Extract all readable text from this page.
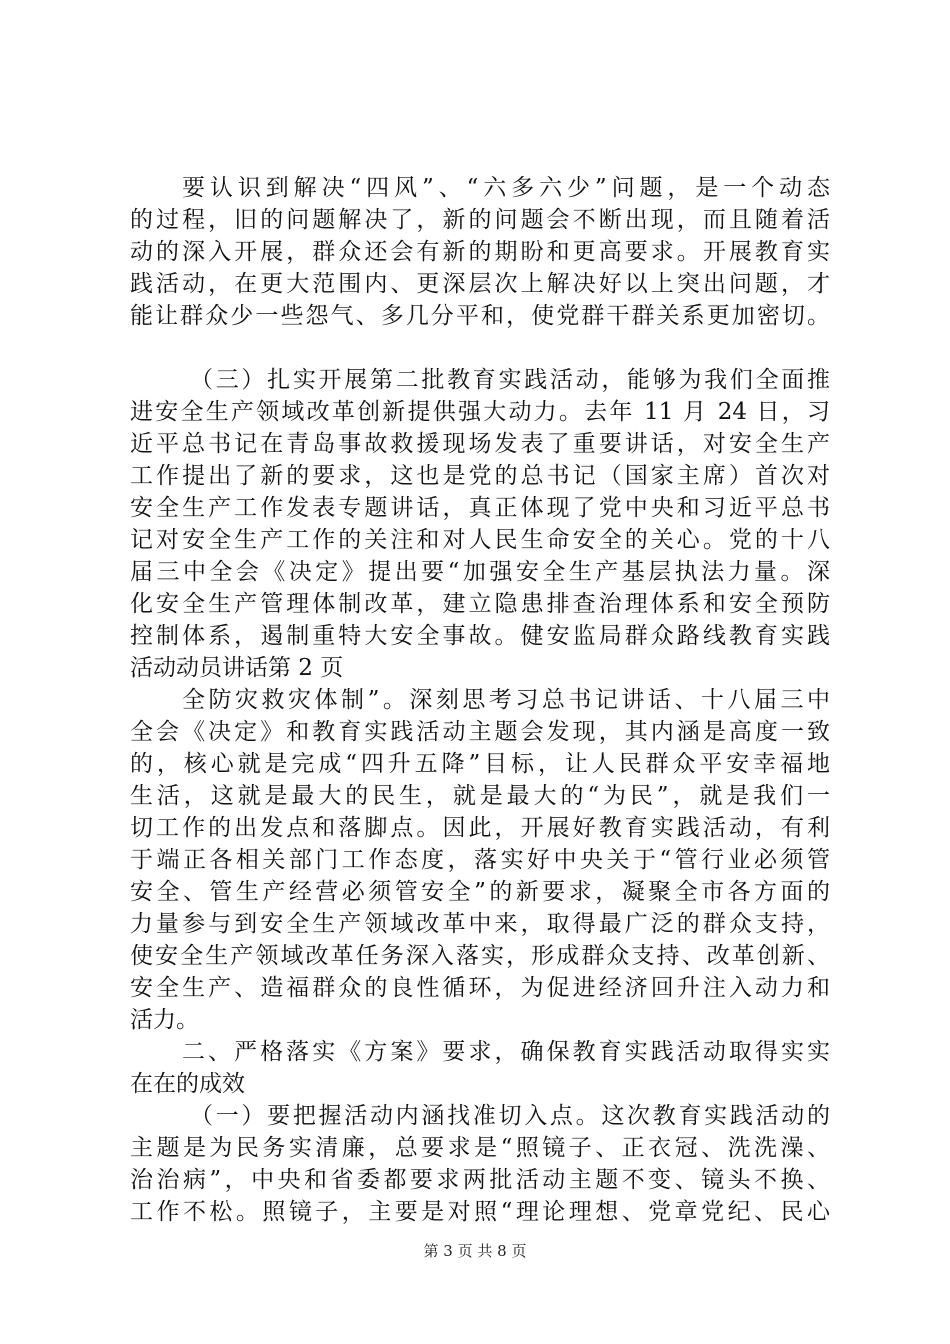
要认识到解决“四风”、“六多六少”问题，是一个动态
的过程，旧的问题解决了，新的问题会不断出现，而且随着活
动的深入开展，群众还会有新的期盼和更高要求。开展教育实
践活动，在更大范围内、更深层次上解决好以上突出问题，才
能让群众少一些怨气、多几分平和，使党群干群关系更加密切。
（三）扎实开展第二批教育实践活动，能够为我们全面推
进安全生产领域改革创新提供强大动力。去年 11 月 24 日，习
近平总书记在青岛事故救援现场发表了重要讲话，对安全生产
工作提出了新的要求，这也是党的总书记（国家主席）首次对
安全生产工作发表专题讲话，真正体现了党中央和习近平总书
记对安全生产工作的关注和对人民生命安全的关心。党的十八
届三中全会《决定》提出要“加强安全生产基层执法力量。深
化安全生产管理体制改革，建立隐患排查治理体系和安全预防
控制体系，遏制重特大安全事故。健安监局群众路线教育实践
活动动员讲话第 2 页
全防灾救灾体制”。深刻思考习总书记讲话、十八届三中
全会《决定》和教育实践活动主题会发现，其内涵是高度一致
的，核心就是完成“四升五降”目标，让人民群众平安幸福地
生活，这就是最大的民生，就是最大的“为民”，就是我们一
切工作的出发点和落脚点。因此，开展好教育实践活动，有利
于端正各相关部门工作态度，落实好中央关于“管行业必须管
安全、管生产经营必须管安全”的新要求，凝聚全市各方面的
力量参与到安全生产领域改革中来，取得最广泛的群众支持，
使安全生产领域改革任务深入落实，形成群众支持、改革创新、
安全生产、造福群众的良性循环，为促进经济回升注入动力和
活力。
二、严格落实《方案》要求，确保教育实践活动取得实实
在在的成效
（一）要把握活动内涵找准切入点。这次教育实践活动的
主题是为民务实清廉，总要求是“照镜子、正衣冠、洗洗澡、
治治病”，中央和省委都要求两批活动主题不变、镜头不换、
工作不松。照镜子，主要是对照“理论理想、党章党纪、民心
第 3 页 共 8 页
